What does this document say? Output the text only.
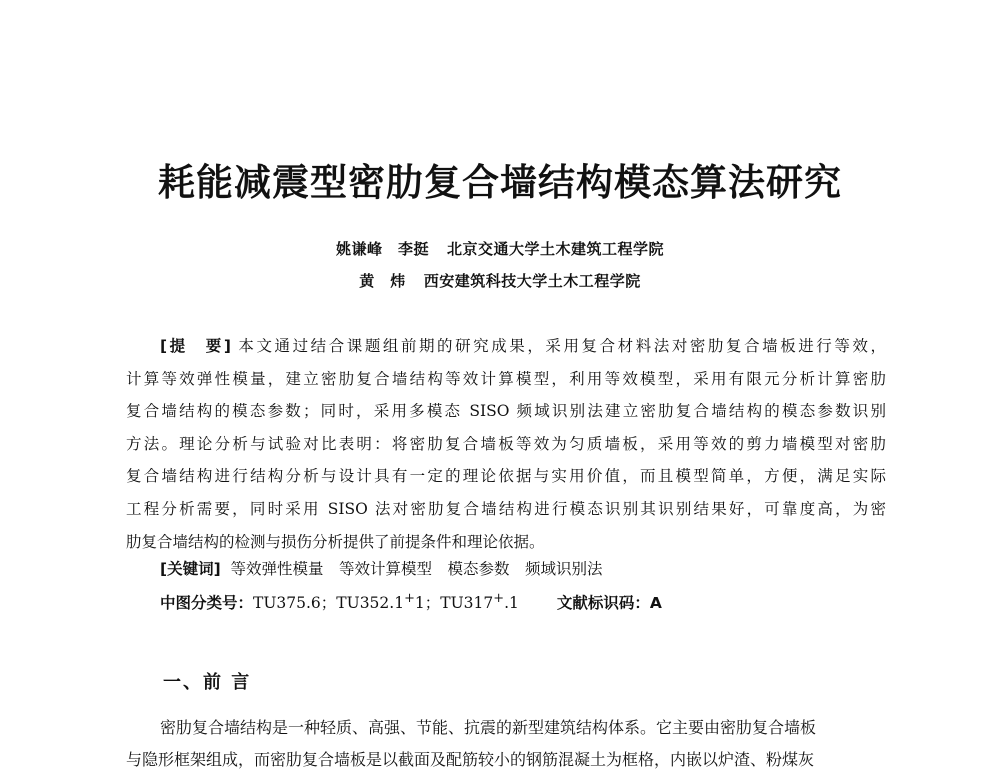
耗能减震型密肋复合墙结构模态算法研究
姚谦峰　李挺 北京交通大学土木建筑工程学院
黄　炜 西安建筑科技大学土木工程学院
[提　要] 本文通过结合课题组前期的研究成果，采用复合材料法对密肋复合墙板进行等效，
计算等效弹性模量，建立密肋复合墙结构等效计算模型，利用等效模型，采用有限元分析计算密肋
复合墙结构的模态参数；同时，采用多模态 SISO 频域识别法建立密肋复合墙结构的模态参数识别
方法。理论分析与试验对比表明：将密肋复合墙板等效为匀质墙板，采用等效的剪力墙模型对密肋
复合墙结构进行结构分析与设计具有一定的理论依据与实用价值，而且模型简单，方便，满足实际
工程分析需要，同时采用 SISO 法对密肋复合墙结构进行模态识别其识别结果好，可靠度高，为密
肋复合墙结构的检测与损伤分析提供了前提条件和理论依据。
[关键词] 等效弹性模量　等效计算模型　模态参数　频域识别法
中图分类号：TU375.6；TU352.1+1；TU317+.1 文献标识码：A
一、前 言
密肋复合墙结构是一种轻质、高强、节能、抗震的新型建筑结构体系。它主要由密肋复合墙板
与隐形框架组成，而密肋复合墙板是以截面及配筋较小的钢筋混凝土为框格，内嵌以炉渣、粉煤灰
